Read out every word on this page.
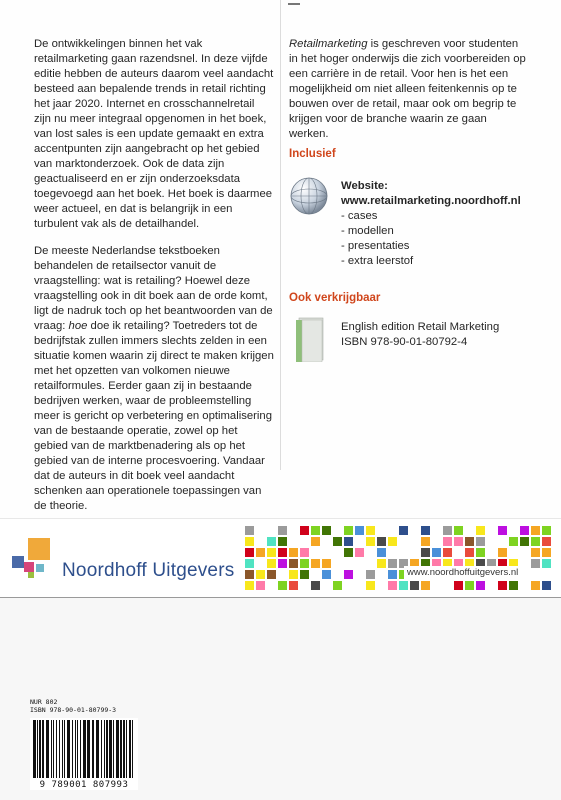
De ontwikkelingen binnen het vak retailmarketing gaan razendsnel. In deze vijfde editie hebben de auteurs daarom veel aandacht besteed aan bepalende trends in retail richting het jaar 2020. Internet en crosschannelretail zijn nu meer integraal opgenomen in het boek, van lost sales is een update gemaakt en extra accentpunten zijn aangebracht op het gebied van marktonderzoek. Ook de data zijn geactualiseerd en er zijn onderzoeksdata toegevoegd aan het boek. Het boek is daarmee weer actueel, en dat is belangrijk in een turbulent vak als de detailhandel.

De meeste Nederlandse tekstboeken behandelen de retailsector vanuit de vraagstelling: wat is retailing? Hoewel deze vraagstelling ook in dit boek aan de orde komt, ligt de nadruk toch op het beantwoorden van de vraag: hoe doe ik retailing? Toetreders tot de bedrijfstak zullen immers slechts zelden in een situatie komen waarin zij direct te maken krijgen met het opzetten van volkomen nieuwe retailformules. Eerder gaan zij in bestaande bedrijven werken, waar de probleemstelling meer is gericht op verbetering en optimalisering van de bestaande operatie, zowel op het gebied van de marktbenadering als op het gebied van de interne procesvoering. Vandaar dat de auteurs in dit boek veel aandacht schenken aan operationele toepassingen van de theorie.

Retailmarketing is geschreven voor studenten in het hoger onderwijs die zich voorbereiden op een carrière in de retail. Voor hen is het een mogelijkheid om niet alleen feitenkennis op te bouwen over de retail, maar ook om begrip te krijgen voor de branche waarin ze gaan werken.

Inclusief
Website:
www.retailmarketing.noordhoff.nl
- cases
- modellen
- presentaties
- extra leerstof
Ook verkrijgbaar
English edition Retail Marketing
ISBN 978-90-01-80792-4
Noordhoff Uitgevers	www.noordhoffuitgevers.nl
NUR 802
ISBN 978-90-01-80799-3
9 789001 807993
